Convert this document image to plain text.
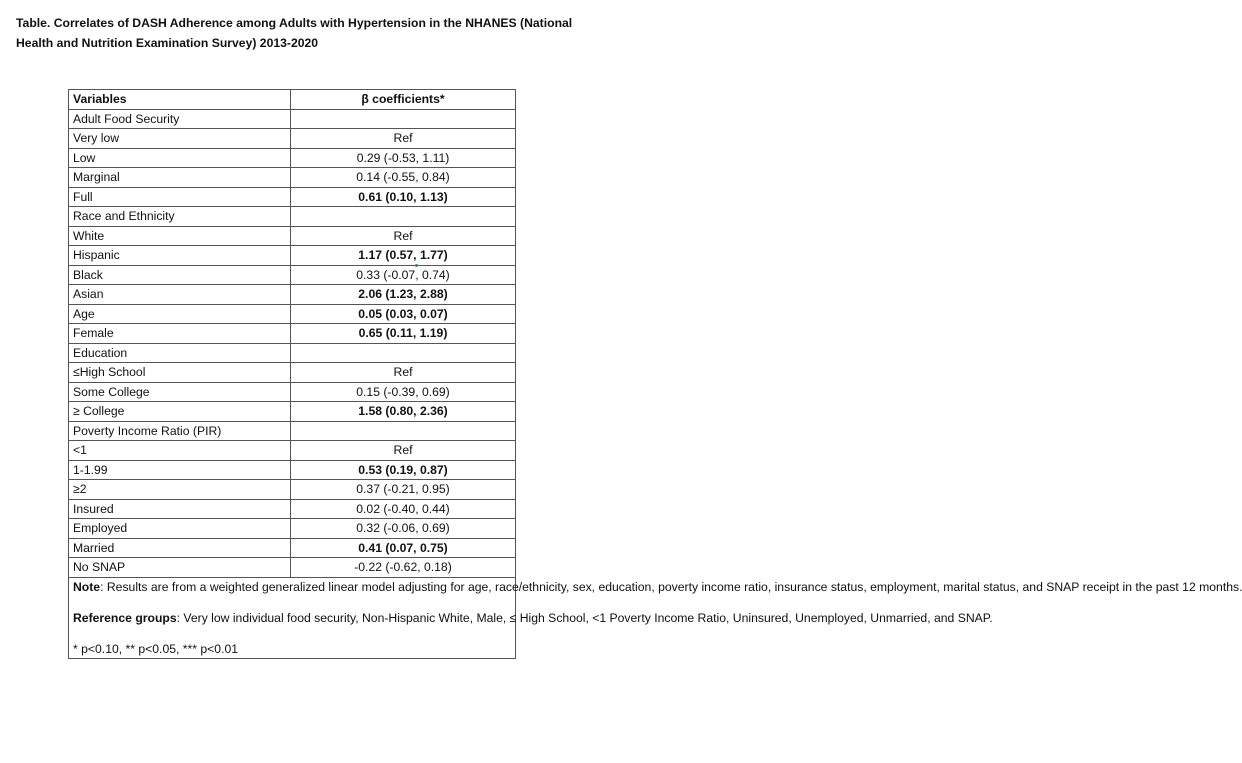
Table. Correlates of DASH Adherence among Adults with Hypertension in the NHANES (National Health and Nutrition Examination Survey) 2013-2020
Variables	β coefficients*
Adult Food Security	
Very low	Ref
Low	0.29 (-0.53, 1.11)
Marginal	0.14 (-0.55, 0.84)
Full	0.61 (0.10, 1.13)
Race and Ethnicity	
White	Ref
Hispanic	1.17 (0.57, 1.77)
Black	0.33 (-0.07, 0.74)
Asian	2.06 (1.23, 2.88)
Age	0.05 (0.03, 0.07)
Female	0.65 (0.11, 1.19)
Education	
≤High School	Ref
Some College	0.15 (-0.39, 0.69)
≥ College	1.58 (0.80, 2.36)
Poverty Income Ratio (PIR)	
<1	Ref
1-1.99	0.53 (0.19, 0.87)
≥2	0.37 (-0.21, 0.95)
Insured	0.02 (-0.40, 0.44)
Employed	0.32 (-0.06, 0.69)
Married	0.41 (0.07, 0.75)
No SNAP	-0.22 (-0.62, 0.18)

Note: Results are from a weighted generalized linear model adjusting for age, race/ethnicity, sex, education, poverty income ratio, insurance status, employment, marital status, and SNAP receipt in the past 12 months.

Reference groups: Very low individual food security, Non-Hispanic White, Male, ≤ High School, <1 Poverty Income Ratio, Uninsured, Unemployed, Unmarried, and SNAP.

* p<0.10, ** p<0.05, *** p<0.01	
